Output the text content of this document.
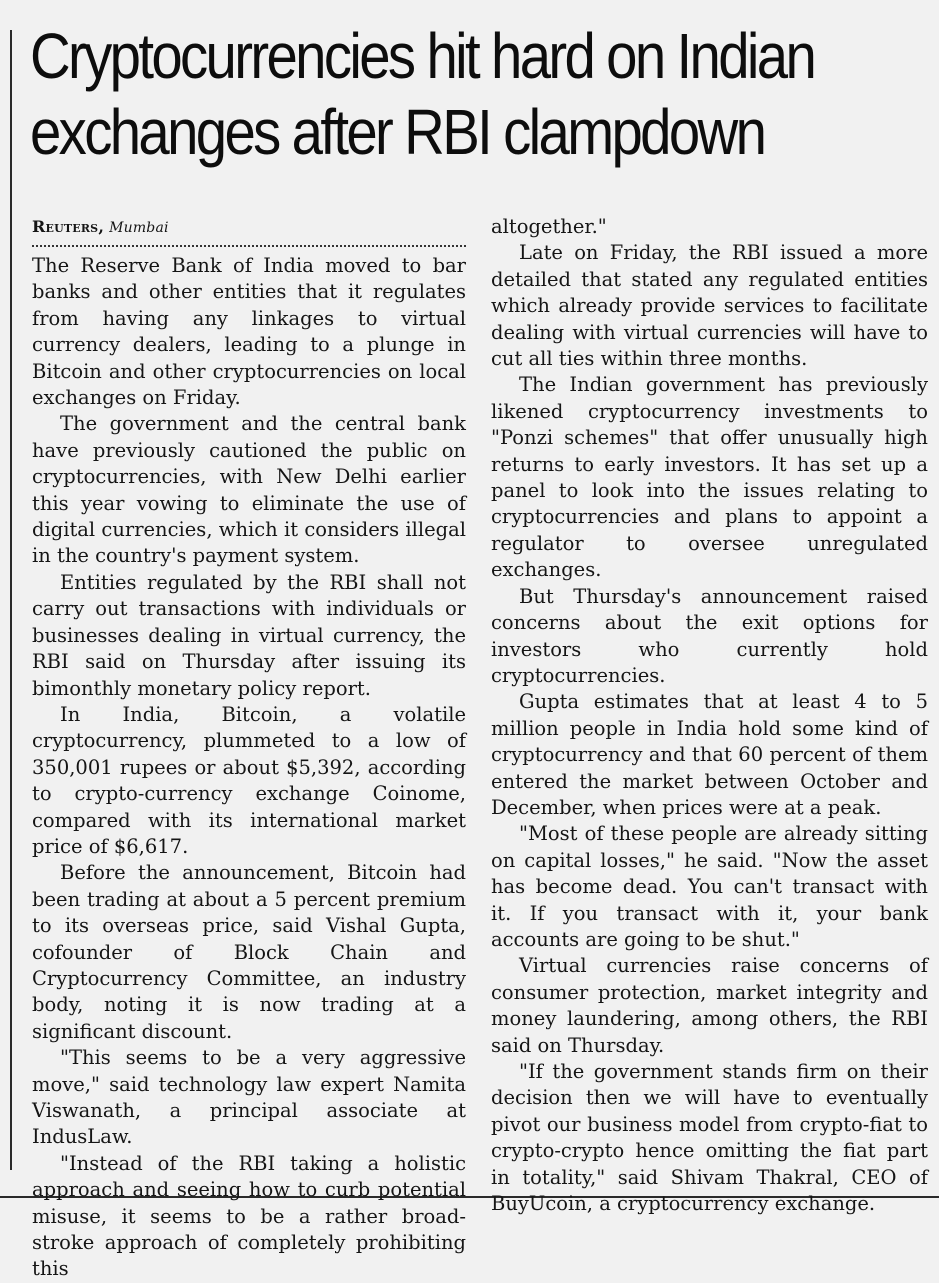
Cryptocurrencies hit hard on Indian
exchanges after RBI clampdown
Reuters, Mumbai

The Reserve Bank of India moved to bar banks and other entities that it regulates from having any linkages to virtual currency dealers, leading to a plunge in Bitcoin and other cryptocurrencies on local exchanges on Friday.

The government and the central bank have previously cautioned the public on cryptocurrencies, with New Delhi earlier this year vowing to eliminate the use of digital currencies, which it considers illegal in the country's payment system.

Entities regulated by the RBI shall not carry out transactions with individuals or businesses dealing in virtual currency, the RBI said on Thursday after issuing its bimonthly monetary policy report.

In India, Bitcoin, a volatile cryptocurrency, plummeted to a low of 350,001 rupees or about $5,392, according to crypto-currency exchange Coinome, compared with its international market price of $6,617.

Before the announcement, Bitcoin had been trading at about a 5 percent premium to its overseas price, said Vishal Gupta, cofounder of Block Chain and Cryptocurrency Committee, an industry body, noting it is now trading at a significant discount.

"This seems to be a very aggressive move," said technology law expert Namita Viswanath, a principal associate at IndusLaw.

"Instead of the RBI taking a holistic approach and seeing how to curb potential misuse, it seems to be a rather broad-stroke approach of completely prohibiting this

altogether."

Late on Friday, the RBI issued a more detailed that stated any regulated entities which already provide services to facilitate dealing with virtual currencies will have to cut all ties within three months.

The Indian government has previously likened cryptocurrency investments to "Ponzi schemes" that offer unusually high returns to early investors. It has set up a panel to look into the issues relating to cryptocurrencies and plans to appoint a regulator to oversee unregulated exchanges.

But Thursday's announcement raised concerns about the exit options for investors who currently hold cryptocurrencies.

Gupta estimates that at least 4 to 5 million people in India hold some kind of cryptocurrency and that 60 percent of them entered the market between October and December, when prices were at a peak.

"Most of these people are already sitting on capital losses," he said. "Now the asset has become dead. You can't transact with it. If you transact with it, your bank accounts are going to be shut."

Virtual currencies raise concerns of consumer protection, market integrity and money laundering, among others, the RBI said on Thursday.

"If the government stands firm on their decision then we will have to eventually pivot our business model from crypto-fiat to crypto-crypto hence omitting the fiat part in totality," said Shivam Thakral, CEO of BuyUcoin, a cryptocurrency exchange.
